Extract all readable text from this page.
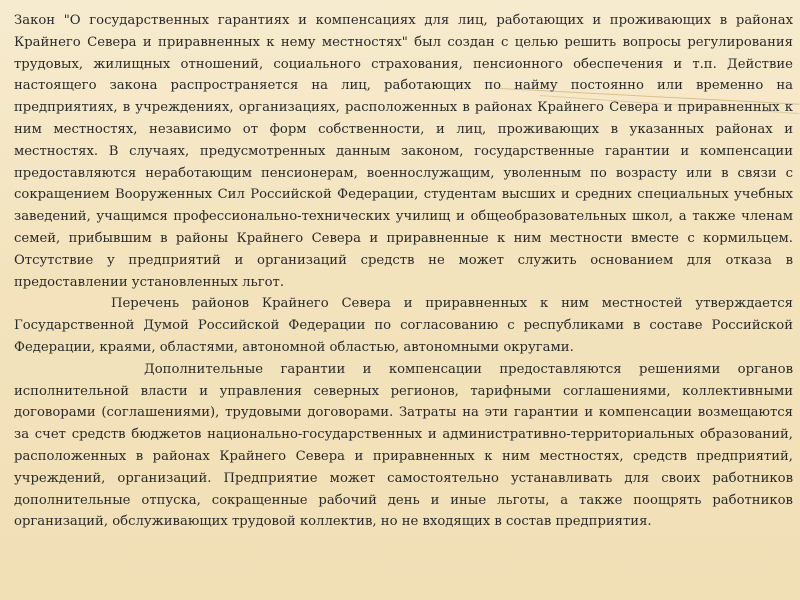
Закон "О государственных гарантиях и компенсациях для лиц, работающих и проживающих в районах Крайнего Севера и приравненных к нему местностях" был создан с целью решить вопросы регулирования трудовых, жилищных отношений, социального страхования, пенсионного обеспечения и т.п. Действие настоящего закона распространяется на лиц, работающих по найму постоянно или временно на предприятиях, в учреждениях, организациях, расположенных в районах Крайнего Севера и приравненных к ним местностях, независимо от форм собственности, и лиц, проживающих в указанных районах и местностях. В случаях, предусмотренных данным законом, государственные гарантии и компенсации предоставляются неработающим пенсионерам, военнослужащим, уволенным по возрасту или в связи с сокращением Вооруженных Сил Российской Федерации, студентам высших и средних специальных учебных заведений, учащимся профессионально-технических училищ и общеобразовательных школ, а также членам семей, прибывшим в районы Крайнего Севера и приравненные к ним местности вместе с кормильцем. Отсутствие у предприятий и организаций средств не может служить основанием для отказа в предоставлении установленных льгот.

Перечень районов Крайнего Севера и приравненных к ним местностей утверждается Государственной Думой Российской Федерации по согласованию с республиками в составе Российской Федерации, краями, областями, автономной областью, автономными округами.

Дополнительные гарантии и компенсации предоставляются решениями органов исполнительной власти и управления северных регионов, тарифными соглашениями, коллективными договорами (соглашениями), трудовыми договорами. Затраты на эти гарантии и компенсации возмещаются за счет средств бюджетов национально-государственных и административно-территориальных образований, расположенных в районах Крайнего Севера и приравненных к ним местностях, средств предприятий, учреждений, организаций. Предприятие может самостоятельно устанавливать для своих работников дополнительные отпуска, сокращенные рабочий день и иные льготы, а также поощрять работников организаций, обслуживающих трудовой коллектив, но не входящих в состав предприятия.
